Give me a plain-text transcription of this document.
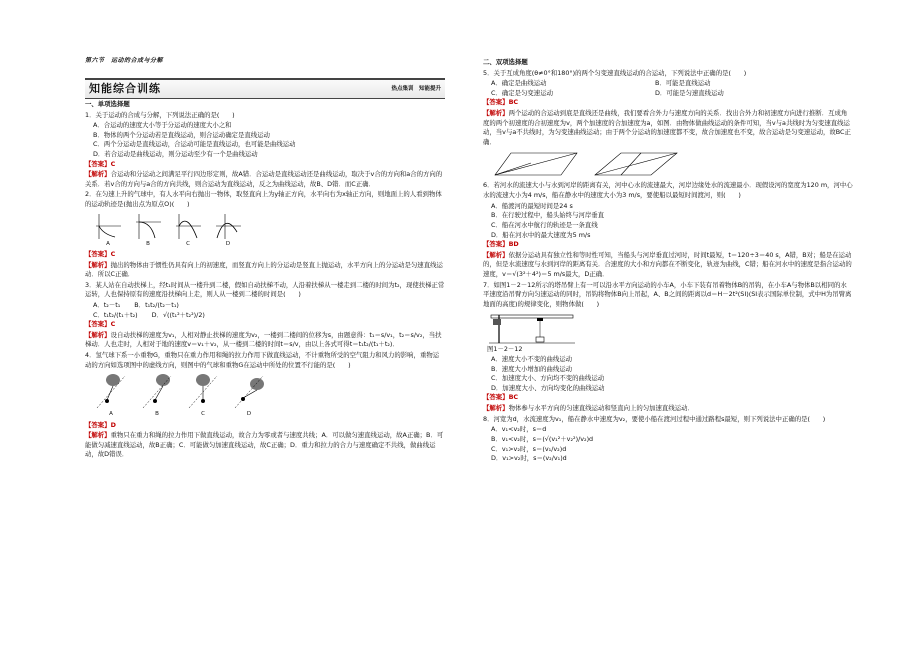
第六节　运动的合成与分解
知能综合训练	热点集训　知能提升

一、单项选择题

1．关于运动的合成与分解，下列说法正确的是(　　)

A．合运动的速度大小等于分运动的速度大小之和

B．物体的两个分运动若是直线运动，则合运动确定是直线运动

C．两个分运动是直线运动，合运动可能是直线运动，也可能是曲线运动

D．若合运动是曲线运动，则分运动至少有一个是曲线运动

【答案】C

【解析】合运动和分运动之间满足平行四边形定则，故A错．合运动是直线运动还是曲线运动，取决于v合的方向和a合的方向的关系．若v合的方向与a合的方向共线，则合运动为直线运动，反之为曲线运动，故B、D错．而C正确．

2．在匀速上升的气球中，有人水平向右抛出一物体，取竖直向上为y轴正方向，水平向右为x轴正方向，则地面上的人看到物体的运动轨迹是(抛出点为原点O)(　　)

A	B	C	D

【答案】C

【解析】抛出的物体由于惯性仍具有向上的初速度，而竖直方向上的分运动是竖直上抛运动，水平方向上的分运动是匀速直线运动．所以C正确．

3．某人站在自动扶梯上，经t₁时间从一楼升到二楼，假如自动扶梯不动，人沿着扶梯从一楼走到二楼的时间为t₂，现使扶梯正常运转，人也保持原有的速度沿扶梯向上走，则人从一楼到二楼的时间是(　　)

A．t₂－t₁ B．t₁t₂/(t₂－t₁)
C．t₁t₂/(t₁＋t₂) D．√((t₁²＋t₂²)/2)

【答案】C

【解析】设自动扶梯的速度为v₁，人相对静止扶梯的速度为v₂，一楼到二楼间的位移为s，由题意得：t₁＝s/v₁，t₂＝s/v₂，当扶梯动．人也走时，人相对于地的速度v＝v₁＋v₂，从一楼到二楼的时间t＝s/v，由以上各式可得t＝t₁t₂/(t₁＋t₂)．

4．氢气球下系一小重物G，重物只在重力作用和绳的拉力作用下做直线运动，不计重物所受的空气阻力和风力的影响，重物运动的方向如选项图中的虚线方向，则图中的气球和重物G在运动中所处的位置不行能的是(　　)

A	B	C	D

【答案】D

【解析】重物只在重力和绳的拉力作用下做直线运动，故合力为零或者与速度共线；A．可以做匀速直线运动，故A正确；B．可能做匀减速直线运动，故B正确；C．可能做匀加速直线运动，故C正确；D．重力和拉力的合力与速度确定不共线，做曲线运动，故D错误．

二、双项选择题

5．关于互成角度(θ≠0°和180°)的两个匀变速直线运动的合运动，下列说法中正确的是(　　)

A．确定是曲线运动	B．可能是直线运动
C．确定是匀变速运动	D．可能是匀速直线运动

【答案】BC

【解析】两个运动的合运动到底是直线还是曲线，我们要看合外力与速度方向的关系．找出合外力和初速度方向进行推断．互成角度的两个初速度的合初速度为v，两个加速度的合加速度为a，如图．由物体做曲线运动的条件可知，当v与a共线时为匀变速直线运动，当v与a不共线时，为匀变速曲线运动；由于两个分运动的加速度都不变，故合加速度也不变，故合运动是匀变速运动，故BC正确．

6．若河水的流速大小与水到河岸的距离有关，河中心水的流速最大，河岸边缘处水的流速最小．现假设河的宽度为120 m，河中心水的流速大小为4 m/s，船在静水中的速度大小为3 m/s，要使船以最短时间渡河，则(　　)

A．船渡河的最短时间是24 s

B．在行驶过程中，船头始终与河岸垂直

C．船在河水中航行的轨迹是一条直线

D．船在河水中的最大速度为5 m/s

【答案】BD

【解析】依据分运动具有独立性和等时性可知，当船头与河岸垂直过河时，时间t最短，t＝120÷3＝40 s，A错，B对；船是在运动的，但是水流速度与水到河岸的距离有关．合速度的大小和方向都在不断变化，轨迹为曲线，C错；船在河水中的速度是指合运动的速度，v＝√(3²＋4²)＝5 m/s最大，D正确．

7．如图1－2－12所示的塔吊臂上有一可以沿水平方向运动的小车A，小车下装有吊着物体B的吊钩，在小车A与物体B以相同的水平速度沿吊臂方向匀速运动的同时，吊钩将物体B向上吊起，A、B之间的距离以d＝H－2t²(SI)(SI表示国际单位制，式中H为吊臂离地面的高度)的规律变化，则物体做(　　)

图1－2－12

A．速度大小不变的曲线运动

B．速度大小增加的曲线运动

C．加速度大小、方向均不变的曲线运动

D．加速度大小、方向均变化的曲线运动

【答案】BC

【解析】物体参与水平方向的匀速直线运动和竖直向上的匀加速直线运动．

8．河宽为d，水流速度为v₁，船在静水中速度为v₂，要使小船在渡河过程中通过路程s最短，则下列说法中正确的是(　　)

A．v₁<v₂时，s＝d

B．v₁<v₂时，s＝(√(v₁²＋v₂²)/v₂)d

C．v₁>v₂时，s＝(v₁/v₂)d

D．v₁>v₂时，s＝(v₂/v₁)d
